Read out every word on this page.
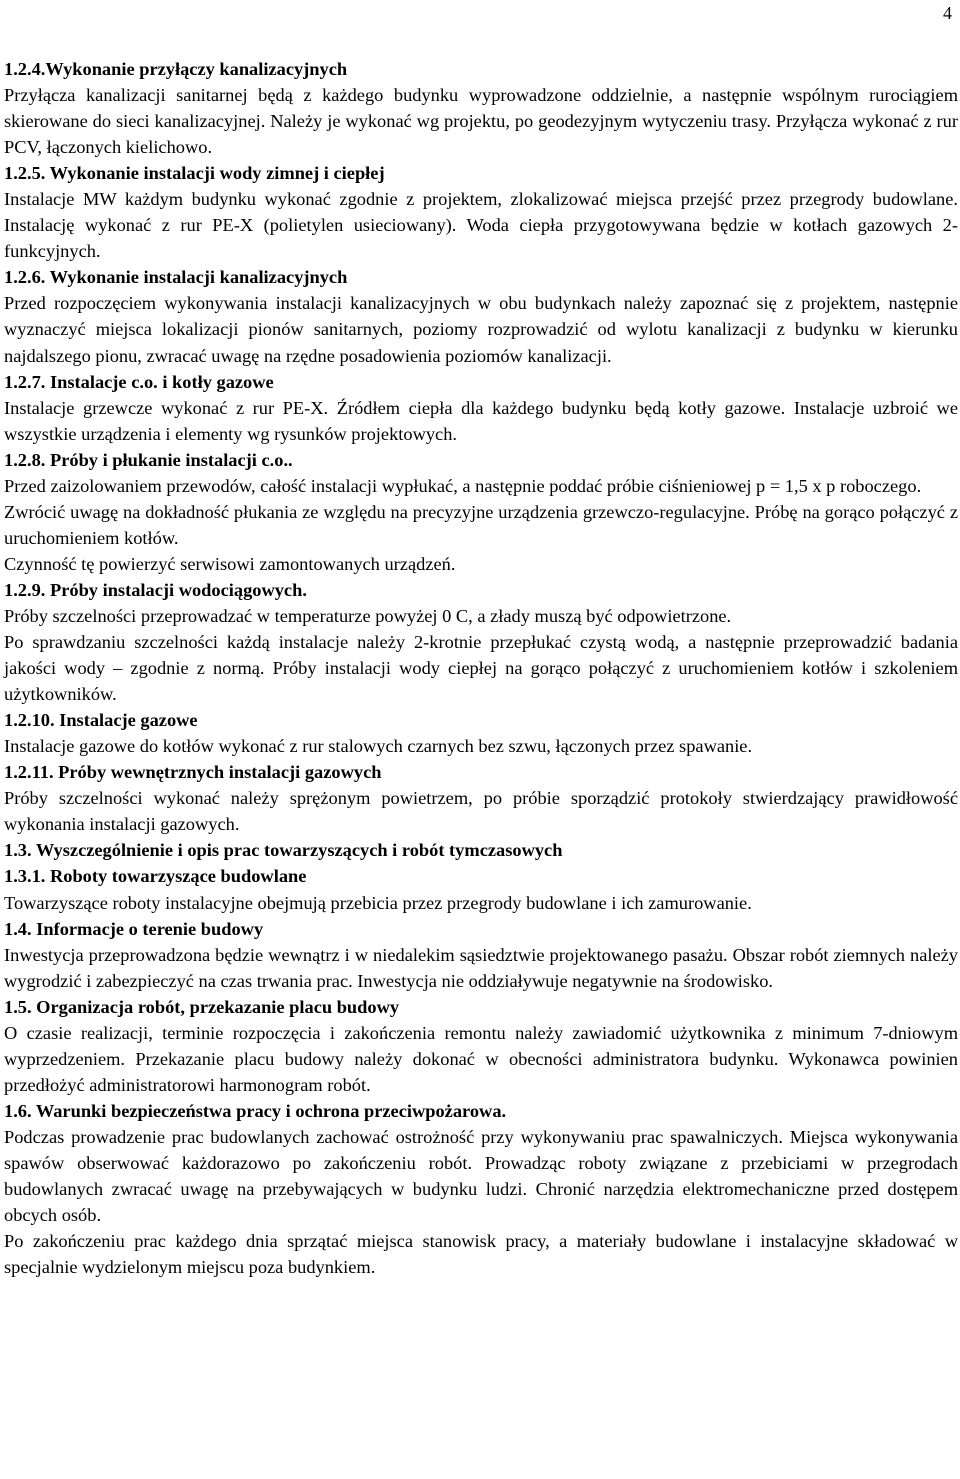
4

1.2.4.Wykonanie przyłączy kanalizacyjnych

Przyłącza kanalizacji sanitarnej będą z każdego budynku wyprowadzone oddzielnie, a następnie wspólnym rurociągiem skierowane do sieci kanalizacyjnej. Należy je wykonać wg projektu, po geodezyjnym wytyczeniu trasy. Przyłącza wykonać z rur PCV, łączonych kielichowo.

1.2.5. Wykonanie instalacji wody zimnej i ciepłej

Instalacje MW każdym budynku wykonać zgodnie z projektem, zlokalizować miejsca przejść przez przegrody budowlane. Instalację wykonać z rur PE-X (polietylen usieciowany). Woda ciepła przygotowywana będzie w kotłach gazowych 2-funkcyjnych.

1.2.6. Wykonanie instalacji kanalizacyjnych
Przed rozpoczęciem wykonywania instalacji kanalizacyjnych w obu budynkach należy zapoznać się z projektem, następnie wyznaczyć miejsca lokalizacji pionów sanitarnych, poziomy rozprowadzić od wylotu kanalizacji z budynku w kierunku najdalszego pionu, zwracać uwagę na rzędne posadowienia poziomów kanalizacji.

1.2.7. Instalacje c.o. i kotły gazowe

Instalacje grzewcze wykonać z rur PE-X. Źródłem ciepła dla każdego budynku będą kotły gazowe. Instalacje uzbroić we wszystkie urządzenia i elementy wg rysunków projektowych.

1.2.8. Próby i płukanie instalacji c.o..

Przed zaizolowaniem przewodów, całość instalacji wypłukać, a następnie poddać próbie ciśnieniowej p = 1,5 x p roboczego.

Zwrócić uwagę na dokładność płukania ze względu na precyzyjne urządzenia grzewczo-regulacyjne. Próbę na gorąco połączyć z uruchomieniem kotłów.

Czynność tę powierzyć serwisowi zamontowanych urządzeń.

1.2.9. Próby instalacji wodociągowych.

Próby szczelności przeprowadzać w temperaturze powyżej 0 C, a złady muszą być odpowietrzone.

Po sprawdzaniu szczelności każdą instalacje należy 2-krotnie przepłukać czystą wodą, a następnie przeprowadzić badania jakości wody – zgodnie z normą. Próby instalacji wody ciepłej na gorąco połączyć z uruchomieniem kotłów i szkoleniem użytkowników.

1.2.10. Instalacje gazowe

Instalacje gazowe do kotłów wykonać z rur stalowych czarnych bez szwu, łączonych przez spawanie.

1.2.11. Próby wewnętrznych instalacji gazowych

Próby szczelności wykonać należy sprężonym powietrzem, po próbie sporządzić protokoły stwierdzający prawidłowość wykonania instalacji gazowych.

1.3. Wyszczególnienie i opis prac towarzyszących i robót tymczasowych

1.3.1. Roboty towarzyszące budowlane

Towarzyszące roboty instalacyjne obejmują przebicia przez przegrody budowlane i ich zamurowanie.

1.4. Informacje o terenie budowy

Inwestycja przeprowadzona będzie wewnątrz i w niedalekim sąsiedztwie projektowanego pasażu. Obszar robót ziemnych należy wygrodzić i zabezpieczyć na czas trwania prac. Inwestycja nie oddziaływuje negatywnie na środowisko.

1.5. Organizacja robót, przekazanie placu budowy

O czasie realizacji, terminie rozpoczęcia i zakończenia remontu należy zawiadomić użytkownika z minimum 7-dniowym wyprzedzeniem. Przekazanie placu budowy należy dokonać w obecności administratora budynku. Wykonawca powinien przedłożyć administratorowi harmonogram robót.

1.6. Warunki bezpieczeństwa pracy i ochrona przeciwpożarowa.

Podczas prowadzenie prac budowlanych zachować ostrożność przy wykonywaniu prac spawalniczych. Miejsca wykonywania spawów obserwować każdorazowo po zakończeniu robót. Prowadząc roboty związane z przebiciami w przegrodach budowlanych zwracać uwagę na przebywających w budynku ludzi. Chronić narzędzia elektromechaniczne przed dostępem obcych osób.

Po zakończeniu prac każdego dnia sprzątać miejsca stanowisk pracy, a materiały budowlane i instalacyjne składować w specjalnie wydzielonym miejscu poza budynkiem.
